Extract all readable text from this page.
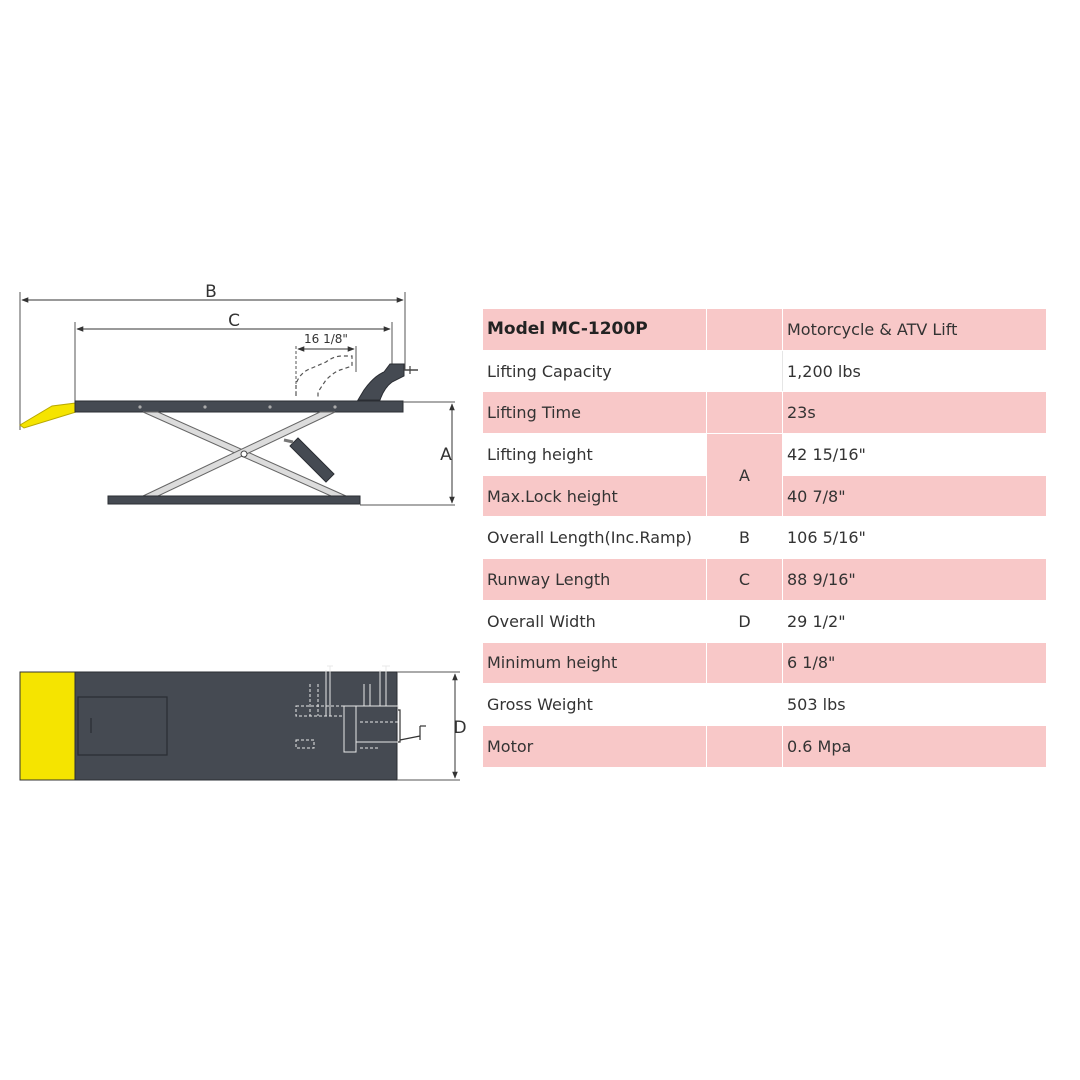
B
C
16 1/8"
A
D
Model MC-1200P		Motorcycle & ATV Lift
Lifting Capacity		1,200 lbs
Lifting Time		23s
Lifting height	A	42 15/16"
Max.Lock height		40 7/8"
Overall Length(Inc.Ramp)	B	106 5/16"
Runway Length	C	88 9/16"
Overall Width	D	29 1/2"
Minimum height		6 1/8"
Gross Weight		503 lbs
Motor		0.6 Mpa
